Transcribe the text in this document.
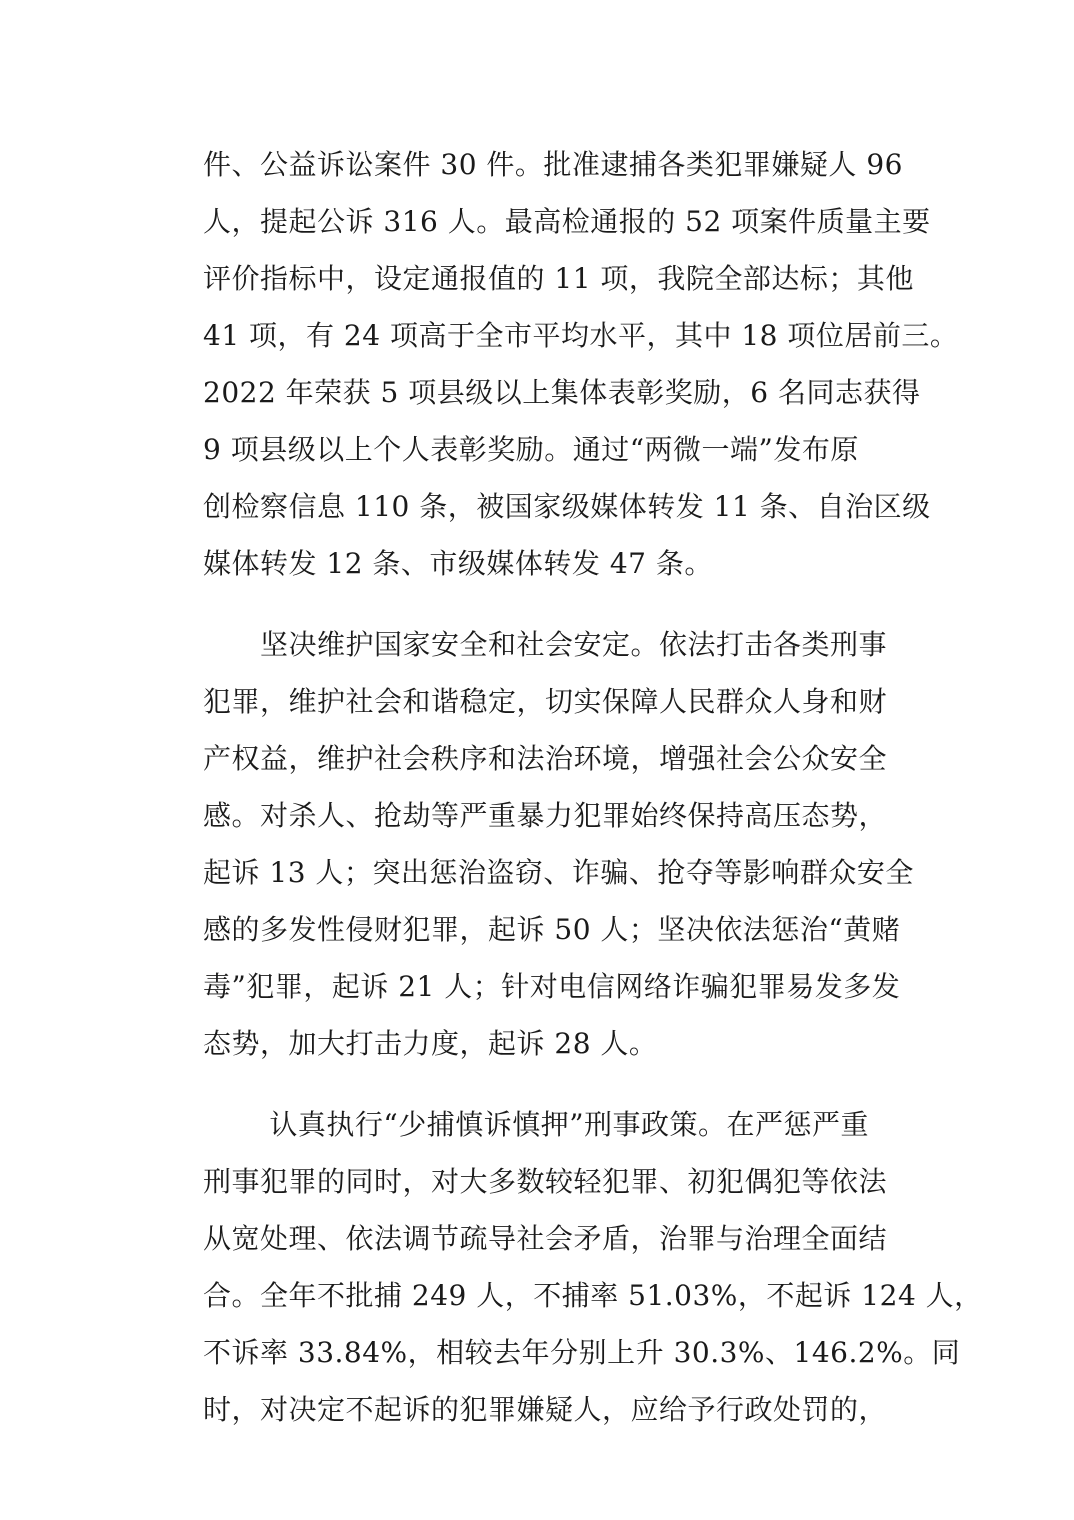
件、公益诉讼案件 30 件。批准逮捕各类犯罪嫌疑人 96
人，提起公诉 316 人。最高检通报的 52 项案件质量主要
评价指标中，设定通报值的 11 项，我院全部达标；其他
41 项，有 24 项高于全市平均水平，其中 18 项位居前三。
2022 年荣获 5 项县级以上集体表彰奖励，6 名同志获得
9 项县级以上个人表彰奖励。通过“两微一端”发布原
创检察信息 110 条，被国家级媒体转发 11 条、自治区级
媒体转发 12 条、市级媒体转发 47 条。
　　坚决维护国家安全和社会安定。依法打击各类刑事
犯罪，维护社会和谐稳定，切实保障人民群众人身和财
产权益，维护社会秩序和法治环境，增强社会公众安全
感。对杀人、抢劫等严重暴力犯罪始终保持高压态势，
起诉 13 人；突出惩治盗窃、诈骗、抢夺等影响群众安全
感的多发性侵财犯罪，起诉 50 人；坚决依法惩治“黄赌
毒”犯罪，起诉 21 人；针对电信网络诈骗犯罪易发多发
态势，加大打击力度，起诉 28 人。
　　 认真执行“少捕慎诉慎押”刑事政策。在严惩严重
刑事犯罪的同时，对大多数较轻犯罪、初犯偶犯等依法
从宽处理、依法调节疏导社会矛盾，治罪与治理全面结
合。全年不批捕 249 人，不捕率 51.03%，不起诉 124 人，
不诉率 33.84%，相较去年分别上升 30.3%、146.2%。同
时，对决定不起诉的犯罪嫌疑人，应给予行政处罚的，
